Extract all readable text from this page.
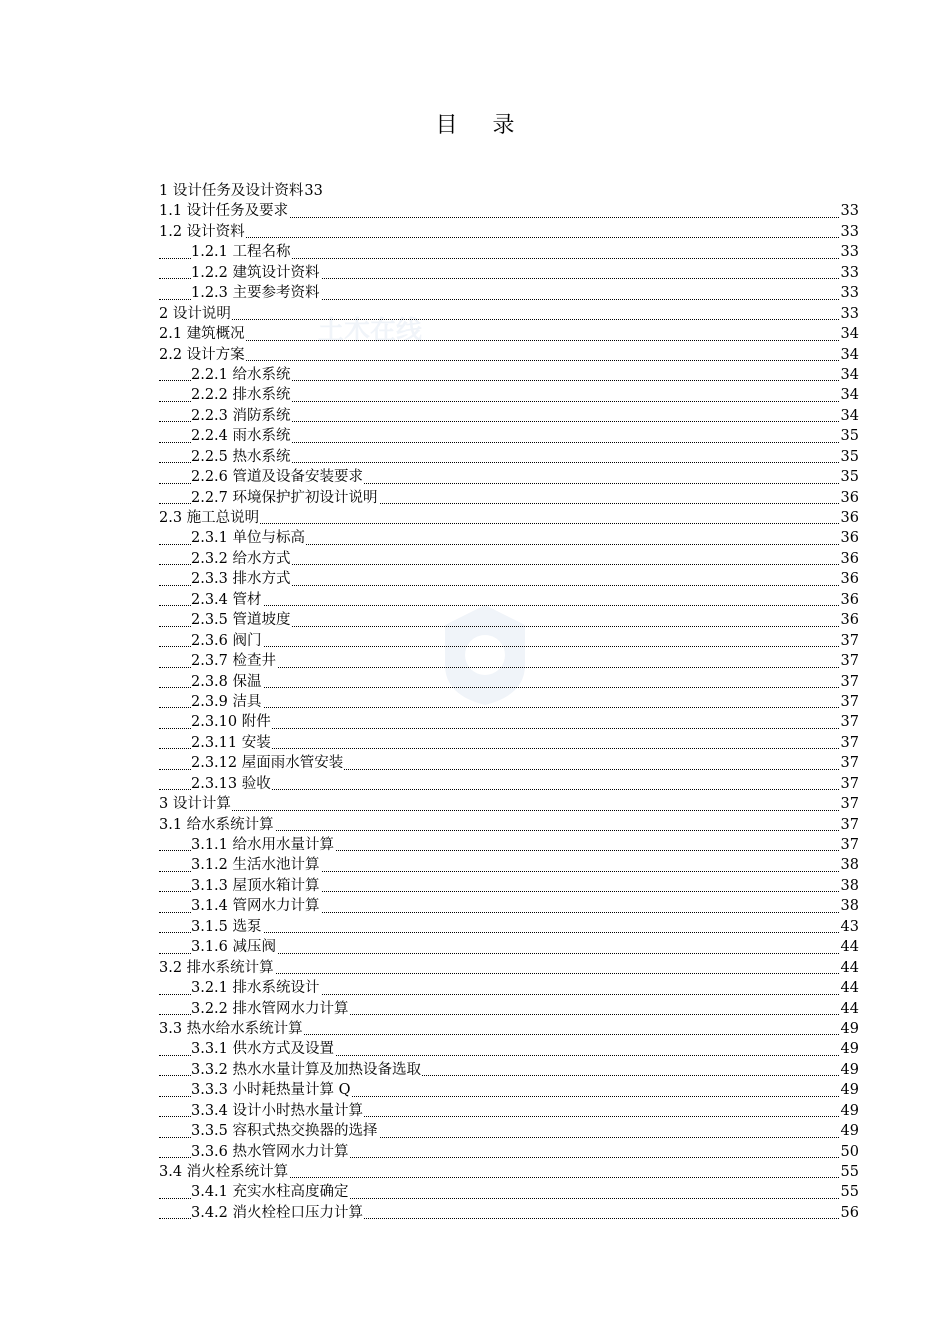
土木在线
目 录
1 设计任务及设计资料33
1.1 设计任务及要求	33
1.2 设计资料	33
1.2.1 工程名称	33
1.2.2 建筑设计资料	33
1.2.3 主要参考资料	33
2 设计说明	33
2.1 建筑概况	34
2.2 设计方案	34
2.2.1 给水系统	34
2.2.2 排水系统	34
2.2.3 消防系统	34
2.2.4 雨水系统	35
2.2.5 热水系统	35
2.2.6 管道及设备安装要求	35
2.2.7 环境保护扩初设计说明	36
2.3 施工总说明	36
2.3.1 单位与标高	36
2.3.2 给水方式	36
2.3.3 排水方式	36
2.3.4 管材	36
2.3.5 管道坡度	36
2.3.6 阀门	37
2.3.7 检查井	37
2.3.8 保温	37
2.3.9 洁具	37
2.3.10 附件	37
2.3.11 安装	37
2.3.12 屋面雨水管安装	37
2.3.13 验收	37
3 设计计算	37
3.1 给水系统计算	37
3.1.1 给水用水量计算	37
3.1.2 生活水池计算	38
3.1.3 屋顶水箱计算	38
3.1.4 管网水力计算	38
3.1.5 选泵	43
3.1.6 减压阀	44
3.2 排水系统计算	44
3.2.1 排水系统设计	44
3.2.2 排水管网水力计算	44
3.3 热水给水系统计算	49
3.3.1 供水方式及设置	49
3.3.2 热水水量计算及加热设备选取	49
3.3.3 小时耗热量计算 Q	49
3.3.4 设计小时热水量计算	49
3.3.5 容积式热交换器的选择	49
3.3.6 热水管网水力计算	50
3.4 消火栓系统计算	55
3.4.1 充实水柱高度确定	55
3.4.2 消火栓栓口压力计算	56
